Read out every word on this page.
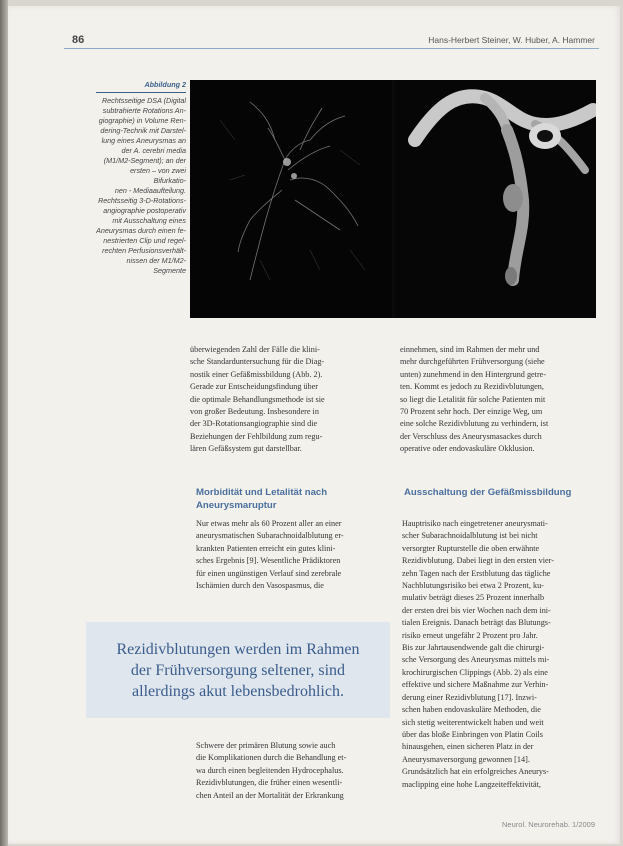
86	Hans-Herbert Steiner, W. Huber, A. Hammer
Abbildung 2
Rechtsseitige DSA (Digital
subtrahierte Rotations An-
giographie) in Volume Ren-
dering-Technik mit Darstel-
lung eines Aneurysmas an
der A. cerebri media
(M1/M2-Segment); an der
ersten – von zwei Bifurkatio-
nen - Mediaaufteilung.
Rechtsseitig 3-D-Rotations-
angiographie postoperativ
mit Ausschaltung eines
Aneurysmas durch einen fe-
nestrierten Clip und regel-
rechten Perfusionsverhält-
nissen der M1/M2-Segmente
überwiegenden Zahl der Fälle die klini-
sche Standarduntersuchung für die Diag-
nostik einer Gefäßmissbildung (Abb. 2).
Gerade zur Entscheidungsfindung über
die optimale Behandlungsmethode ist sie
von großer Bedeutung. Insbesondere in
der 3D-Rotationsangiographie sind die
Beziehungen der Fehlbildung zum regu-
lären Gefäßsystem gut darstellbar.
einnehmen, sind im Rahmen der mehr und
mehr durchgeführten Frühversorgung (siehe
unten) zunehmend in den Hintergrund getre-
ten. Kommt es jedoch zu Rezidivblutungen,
so liegt die Letalität für solche Patienten mit
70 Prozent sehr hoch. Der einzige Weg, um
eine solche Rezidivblutung zu verhindern, ist
der Verschluss des Aneurysmasackes durch
operative oder endovaskuläre Okklusion.
Morbidität und Letalität nach Aneurysmaruptur
Ausschaltung der Gefäßmissbildung
Nur etwas mehr als 60 Prozent aller an einer
aneurysmatischen Subarachnoidalblutung er-
krankten Patienten erreicht ein gutes klini-
sches Ergebnis [9]. Wesentliche Prädiktoren
für einen ungünstigen Verlauf sind zerebrale
Ischämien durch den Vasospasmus, die
Hauptrisiko nach eingetretener aneurysmati-
scher Subarachnoidalblutung ist bei nicht
versorgter Rupturstelle die oben erwähnte
Rezidivblutung. Dabei liegt in den ersten vier-
zehn Tagen nach der Erstblutung das tägliche
Nachblutungsrisiko bei etwa 2 Prozent, ku-
mulativ beträgt dieses 25 Prozent innerhalb
der ersten drei bis vier Wochen nach dem ini-
tialen Ereignis. Danach beträgt das Blutungs-
risiko erneut ungefähr 2 Prozent pro Jahr.
Bis zur Jahrtausendwende galt die chirurgi-
sche Versorgung des Aneurysmas mittels mi-
krochirurgischen Clippings (Abb. 2) als eine
effektive und sichere Maßnahme zur Verhin-
derung einer Rezidivblutung [17]. Inzwi-
schen haben endovaskuläre Methoden, die
sich stetig weiterentwickelt haben und weit
über das bloße Einbringen von Platin Coils
hinausgehen, einen sicheren Platz in der
Aneurysmaversorgung gewonnen [14].
Grundsätzlich hat ein erfolgreiches Aneurys-
maclipping eine hohe Langzeiteffektivität,
Rezidivblutungen werden im Rahmen
der Frühversorgung seltener, sind
allerdings akut lebensbedrohlich.
Schwere der primären Blutung sowie auch
die Komplikationen durch die Behandlung et-
wa durch einen begleitenden Hydrocephalus.
Rezidivblutungen, die früher einen wesentli-
chen Anteil an der Mortalität der Erkrankung
Neurol. Neurorehab. 1/2009
